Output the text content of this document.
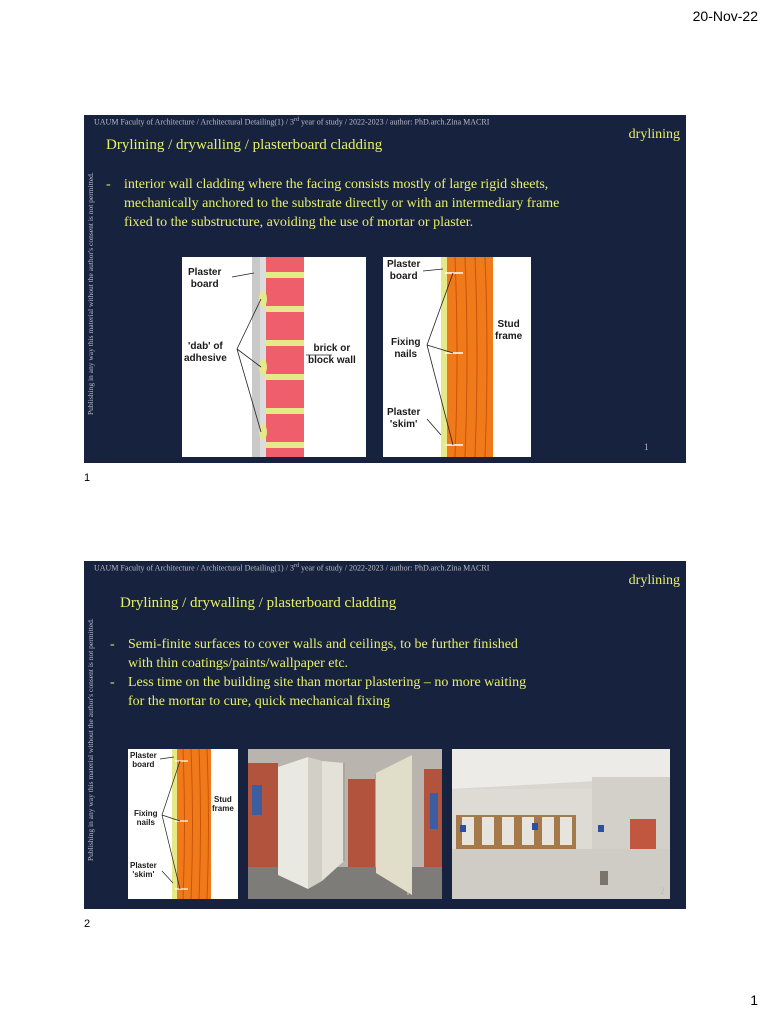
20-Nov-22
UAUM Faculty of Architecture / Architectural Detailing(1) / 3rd year of study / 2022-2023 / author: PhD.arch.Zina MACRI
Publishing in any way this material without the author's consent is not permitted.
drylining
Drylining / drywalling / plasterboard cladding
- interior wall cladding where the facing consists mostly of large rigid sheets, mechanically anchored to the substrate directly or with an intermediary frame fixed to the substructure, avoiding the use of mortar or plaster.
Plaster
board
'dab' of
adhesive
brick or
block wall
Plaster
board
Stud
frame
Fixing
nails
Plaster
'skim'
1
1
UAUM Faculty of Architecture / Architectural Detailing(1) / 3rd year of study / 2022-2023 / author: PhD.arch.Zina MACRI
Publishing in any way this material without the author's consent is not permitted.
drylining
Drylining / drywalling / plasterboard cladding
- Semi-finite surfaces to cover walls and ceilings, to be further finished with thin coatings/paints/wallpaper etc.
- Less time on the building site than mortar plastering – no more waiting for the mortar to cure, quick mechanical fixing
Plaster
board
Stud
frame
Fixing
nails
Plaster
'skim'
2
2
1
